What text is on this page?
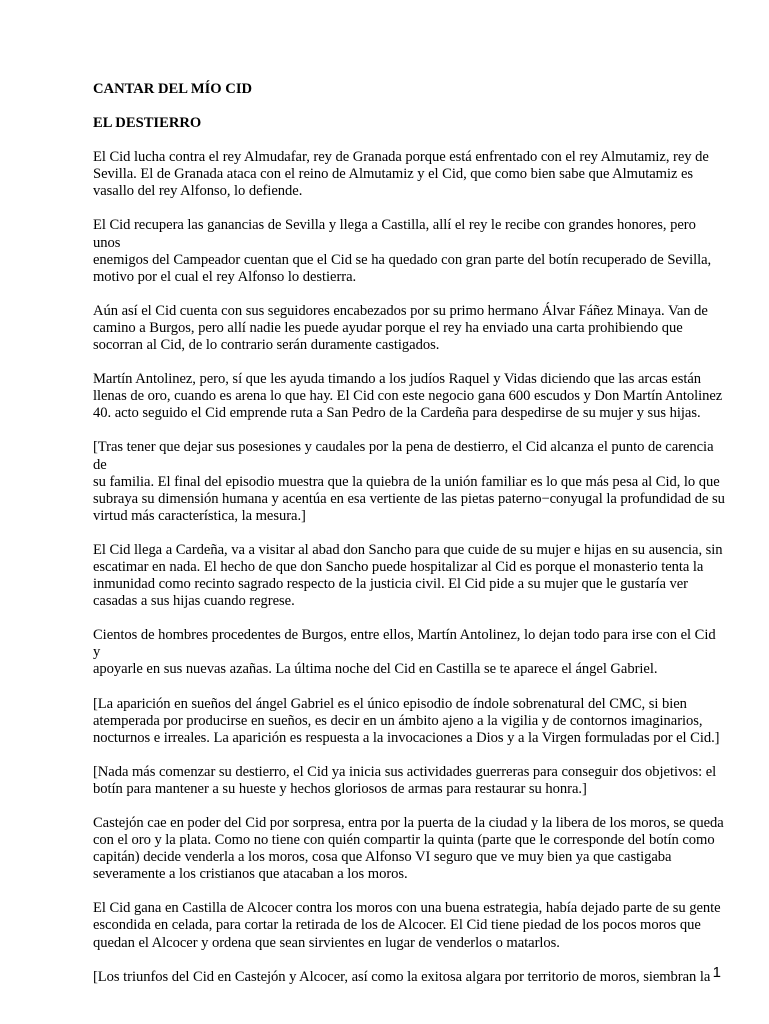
CANTAR DEL MÍO CID

EL DESTIERRO

El Cid lucha contra el rey Almudafar, rey de Granada porque está enfrentado con el rey Almutamiz, rey de
Sevilla. El de Granada ataca con el reino de Almutamiz y el Cid, que como bien sabe que Almutamiz es
vasallo del rey Alfonso, lo defiende.

El Cid recupera las ganancias de Sevilla y llega a Castilla, allí el rey le recibe con grandes honores, pero unos
enemigos del Campeador cuentan que el Cid se ha quedado con gran parte del botín recuperado de Sevilla,
motivo por el cual el rey Alfonso lo destierra.

Aún así el Cid cuenta con sus seguidores encabezados por su primo hermano Álvar Fáñez Minaya. Van de
camino a Burgos, pero allí nadie les puede ayudar porque el rey ha enviado una carta prohibiendo que
socorran al Cid, de lo contrario serán duramente castigados.

Martín Antolinez, pero, sí que les ayuda timando a los judíos Raquel y Vidas diciendo que las arcas están
llenas de oro, cuando es arena lo que hay. El Cid con este negocio gana 600 escudos y Don Martín Antolinez
40. acto seguido el Cid emprende ruta a San Pedro de la Cardeña para despedirse de su mujer y sus hijas.

[Tras tener que dejar sus posesiones y caudales por la pena de destierro, el Cid alcanza el punto de carencia de
su familia. El final del episodio muestra que la quiebra de la unión familiar es lo que más pesa al Cid, lo que
subraya su dimensión humana y acentúa en esa vertiente de las pietas paterno−conyugal la profundidad de su
virtud más característica, la mesura.]

El Cid llega a Cardeña, va a visitar al abad don Sancho para que cuide de su mujer e hijas en su ausencia, sin
escatimar en nada. El hecho de que don Sancho puede hospitalizar al Cid es porque el monasterio tenta la
inmunidad como recinto sagrado respecto de la justicia civil. El Cid pide a su mujer que le gustaría ver
casadas a sus hijas cuando regrese.

Cientos de hombres procedentes de Burgos, entre ellos, Martín Antolinez, lo dejan todo para irse con el Cid y
apoyarle en sus nuevas azañas. La última noche del Cid en Castilla se te aparece el ángel Gabriel.

[La aparición en sueños del ángel Gabriel es el único episodio de índole sobrenatural del CMC, si bien
atemperada por producirse en sueños, es decir en un ámbito ajeno a la vigilia y de contornos imaginarios,
nocturnos e irreales. La aparición es respuesta a la invocaciones a Dios y a la Virgen formuladas por el Cid.]

[Nada más comenzar su destierro, el Cid ya inicia sus actividades guerreras para conseguir dos objetivos: el
botín para mantener a su hueste y hechos gloriosos de armas para restaurar su honra.]

Castejón cae en poder del Cid por sorpresa, entra por la puerta de la ciudad y la libera de los moros, se queda
con el oro y la plata. Como no tiene con quién compartir la quinta (parte que le corresponde del botín como
capitán) decide venderla a los moros, cosa que Alfonso VI seguro que ve muy bien ya que castigaba
severamente a los cristianos que atacaban a los moros.

El Cid gana en Castilla de Alcocer contra los moros con una buena estrategia, había dejado parte de su gente
escondida en celada, para cortar la retirada de los de Alcocer. El Cid tiene piedad de los pocos moros que
quedan el Alcocer y ordena que sean sirvientes en lugar de venderlos o matarlos.

[Los triunfos del Cid en Castejón y Alcocer, así como la exitosa algara por territorio de moros, siembran la 1
